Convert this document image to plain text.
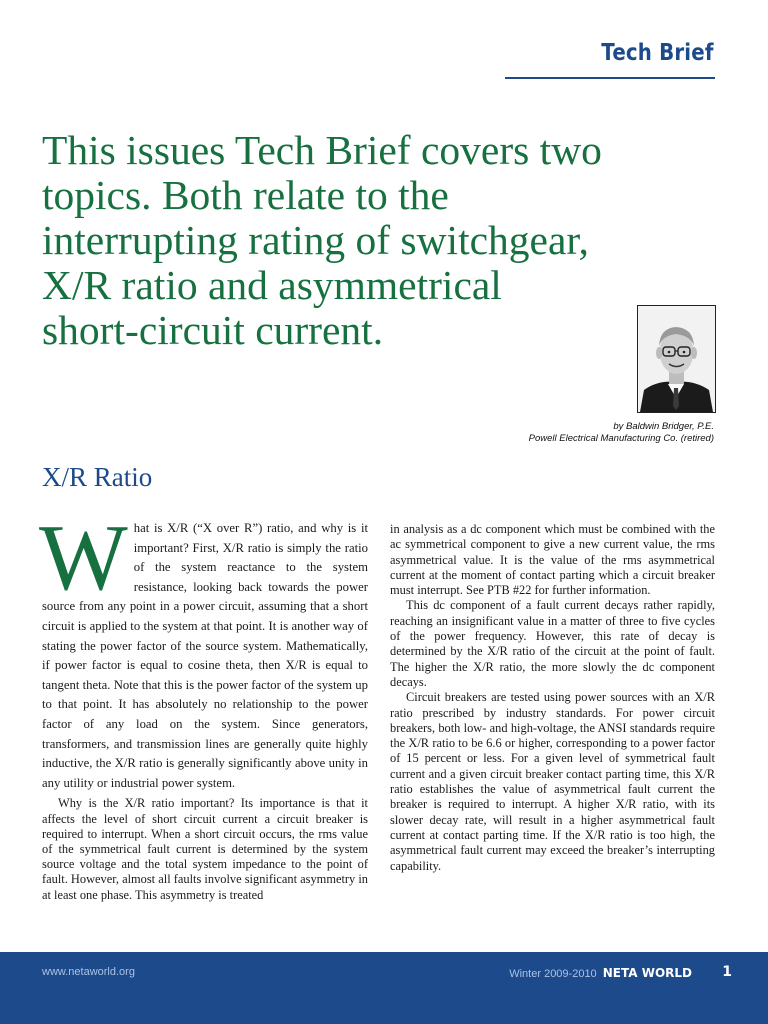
Tech Brief
This issues Tech Brief covers two
topics. Both relate to the
interrupting rating of switchgear,
X/R ratio and asymmetrical
short-circuit current.
by Baldwin Bridger, P.E.
Powell Electrical Manufacturing Co. (retired)
X/R Ratio

What is X/R (“X over R”) ratio, and why is it important? First, X/R ratio is simply the ratio of the system reactance to the system resistance, looking back towards the power source from any point in a power circuit, assuming that a short circuit is applied to the system at that point. It is another way of stating the power factor of the source system. Mathematically, if power factor is equal to cosine theta, then X/R is equal to tangent theta. Note that this is the power factor of the system up to that point. It has absolutely no relationship to the power factor of any load on the system. Since generators, transformers, and transmission lines are generally quite highly inductive, the X/R ratio is generally significantly above unity in any utility or industrial power system.

Why is the X/R ratio important? Its importance is that it affects the level of short circuit current a circuit breaker is required to interrupt. When a short circuit occurs, the rms value of the symmetrical fault current is determined by the system source voltage and the total system impedance to the point of fault. However, almost all faults involve significant asymmetry in at least one phase. This asymmetry is treated

in analysis as a dc component which must be combined with the ac symmetrical component to give a new current value, the rms asymmetrical value. It is the value of the rms asymmetrical current at the moment of contact parting which a circuit breaker must interrupt. See PTB #22 for further information.

This dc component of a fault current decays rather rapidly, reaching an insignificant value in a matter of three to five cycles of the power frequency. However, this rate of decay is determined by the X/R ratio of the circuit at the point of fault. The higher the X/R ratio, the more slowly the dc component decays.

Circuit breakers are tested using power sources with an X/R ratio prescribed by industry standards. For power circuit breakers, both low- and high-voltage, the ANSI standards require the X/R ratio to be 6.6 or higher, corresponding to a power factor of 15 percent or less. For a given level of symmetrical fault current and a given circuit breaker contact parting time, this X/R ratio establishes the value of asymmetrical fault current the breaker is required to interrupt. A higher X/R ratio, with its slower decay rate, will result in a higher asymmetrical fault current at contact parting time. If the X/R ratio is too high, the asymmetrical fault current may exceed the breaker’s interrupting capability.

www.netaworld.org	Winter 2009-2010 NETA WORLD 1
